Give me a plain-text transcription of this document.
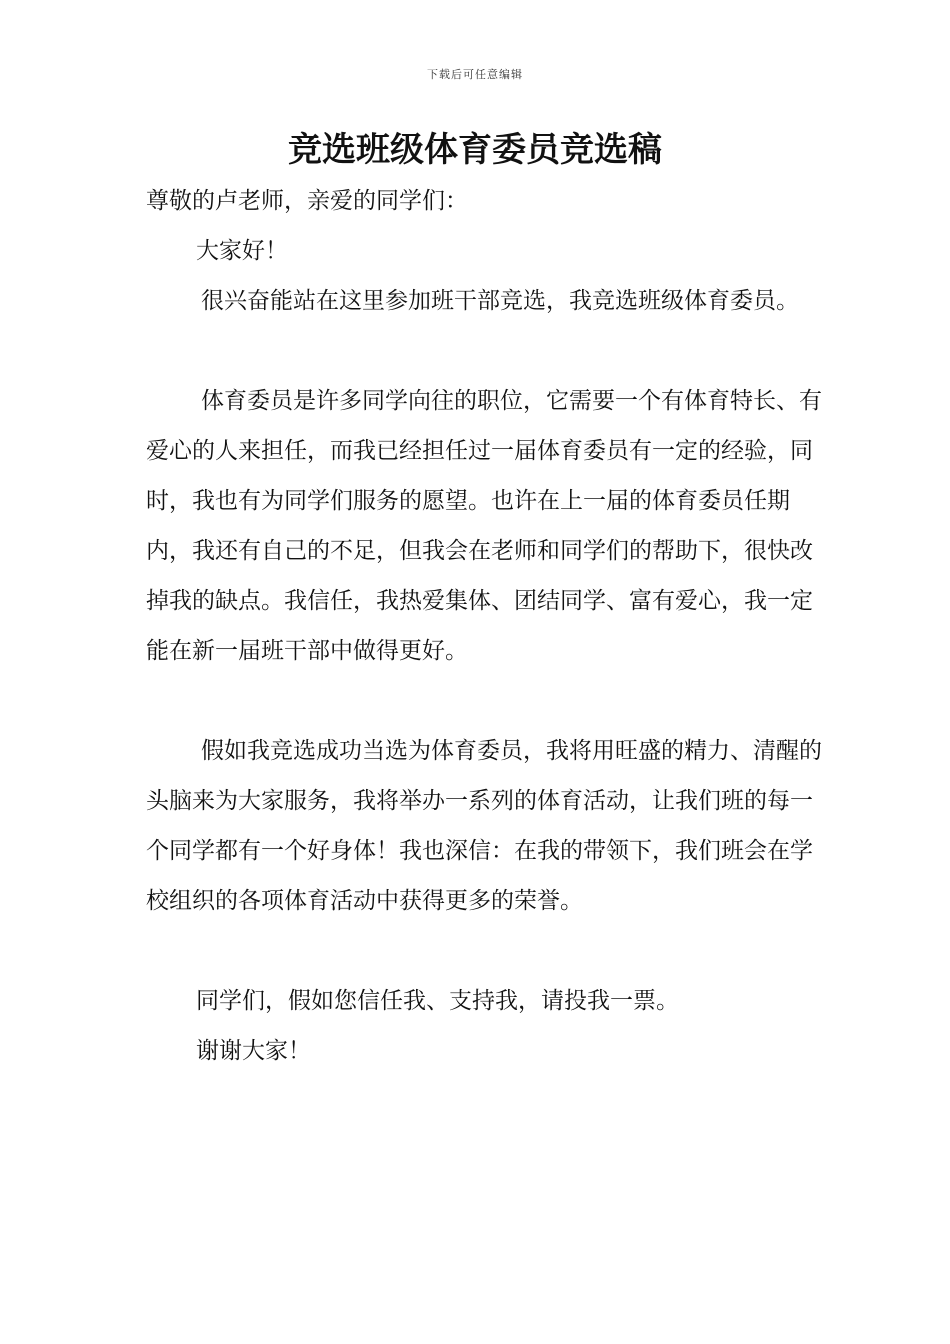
下载后可任意编辑
竞选班级体育委员竞选稿

尊敬的卢老师，亲爱的同学们：

大家好！

很兴奋能站在这里参加班干部竞选，我竞选班级体育委员。

体育委员是许多同学向往的职位，它需要一个有体育特长、有爱心的人来担任，而我已经担任过一届体育委员有一定的经验，同时，我也有为同学们服务的愿望。也许在上一届的体育委员任期内，我还有自己的不足，但我会在老师和同学们的帮助下，很快改掉我的缺点。我信任，我热爱集体、团结同学、富有爱心，我一定能在新一届班干部中做得更好。

假如我竞选成功当选为体育委员，我将用旺盛的精力、清醒的头脑来为大家服务，我将举办一系列的体育活动，让我们班的每一个同学都有一个好身体！我也深信：在我的带领下，我们班会在学校组织的各项体育活动中获得更多的荣誉。

同学们，假如您信任我、支持我，请投我一票。

谢谢大家！
